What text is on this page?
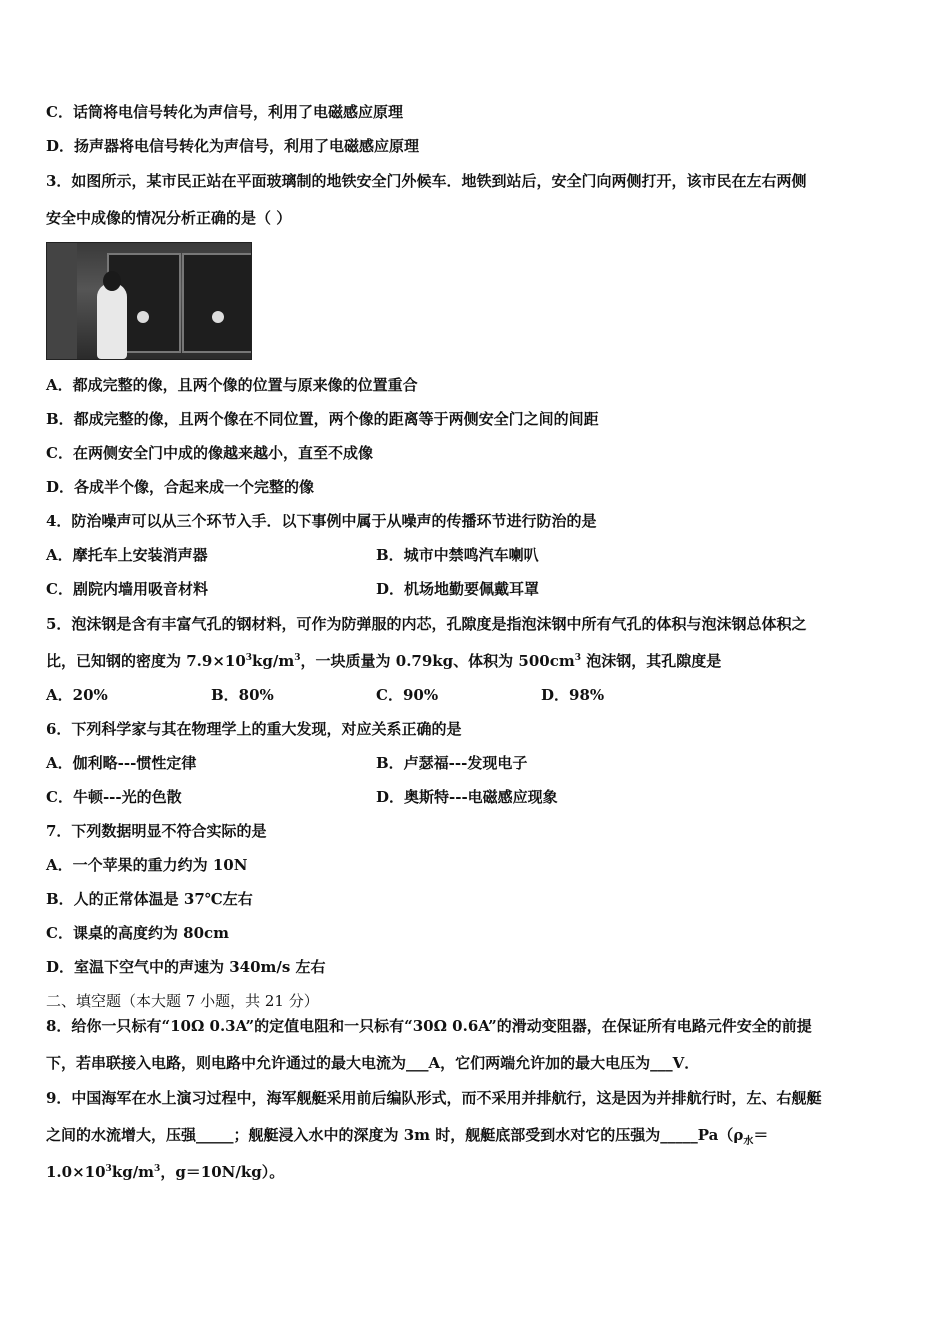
C．话筒将电信号转化为声信号，利用了电磁感应原理
D．扬声器将电信号转化为声信号，利用了电磁感应原理
3．如图所示，某市民正站在平面玻璃制的地铁安全门外候车．地铁到站后，安全门向两侧打开，该市民在左右两侧
安全中成像的情况分析正确的是（ ）
A．都成完整的像，且两个像的位置与原来像的位置重合
B．都成完整的像，且两个像在不同位置，两个像的距离等于两侧安全门之间的间距
C．在两侧安全门中成的像越来越小，直至不成像
D．各成半个像，合起来成一个完整的像
4．防治噪声可以从三个环节入手．以下事例中属于从噪声的传播环节进行防治的是
A．摩托车上安装消声器	B．城市中禁鸣汽车喇叭
C．剧院内墙用吸音材料	D．机场地勤要佩戴耳罩
5．泡沫钢是含有丰富气孔的钢材料，可作为防弹服的内芯，孔隙度是指泡沫钢中所有气孔的体积与泡沫钢总体积之
比，已知钢的密度为 $7.9\times 10^3kg/m^3$，一块质量为 0.79kg、体积为 $500cm^3$ 泡沫钢，其孔隙度是
A．20%	B．80%	C．90%	D．98%
6．下列科学家与其在物理学上的重大发现，对应关系正确的是
A．伽利略---惯性定律	B．卢瑟福---发现电子
C．牛顿---光的色散	D．奥斯特---电磁感应现象
7．下列数据明显不符合实际的是
A．一个苹果的重力约为 10N
B．人的正常体温是 37℃左右
C．课桌的高度约为 80cm
D．室温下空气中的声速为 340m/s 左右
二、填空题（本大题 7 小题，共 21 分）
8．给你一只标有“10Ω 0.3A”的定值电阻和一只标有“30Ω 0.6A”的滑动变阻器，在保证所有电路元件安全的前提
下，若串联接入电路，则电路中允许通过的最大电流为___A，它们两端允许加的最大电压为___V．
9．中国海军在水上演习过程中，海军舰艇采用前后编队形式，而不采用并排航行，这是因为并排航行时，左、右舰艇
之间的水流增大，压强_____；舰艇浸入水中的深度为 3m 时，舰艇底部受到水对它的压强为$\_\_\_\_\_Pa(\rho_水=$
$1.0\times 10^3kg/m^3$，g＝10N/kg）。
